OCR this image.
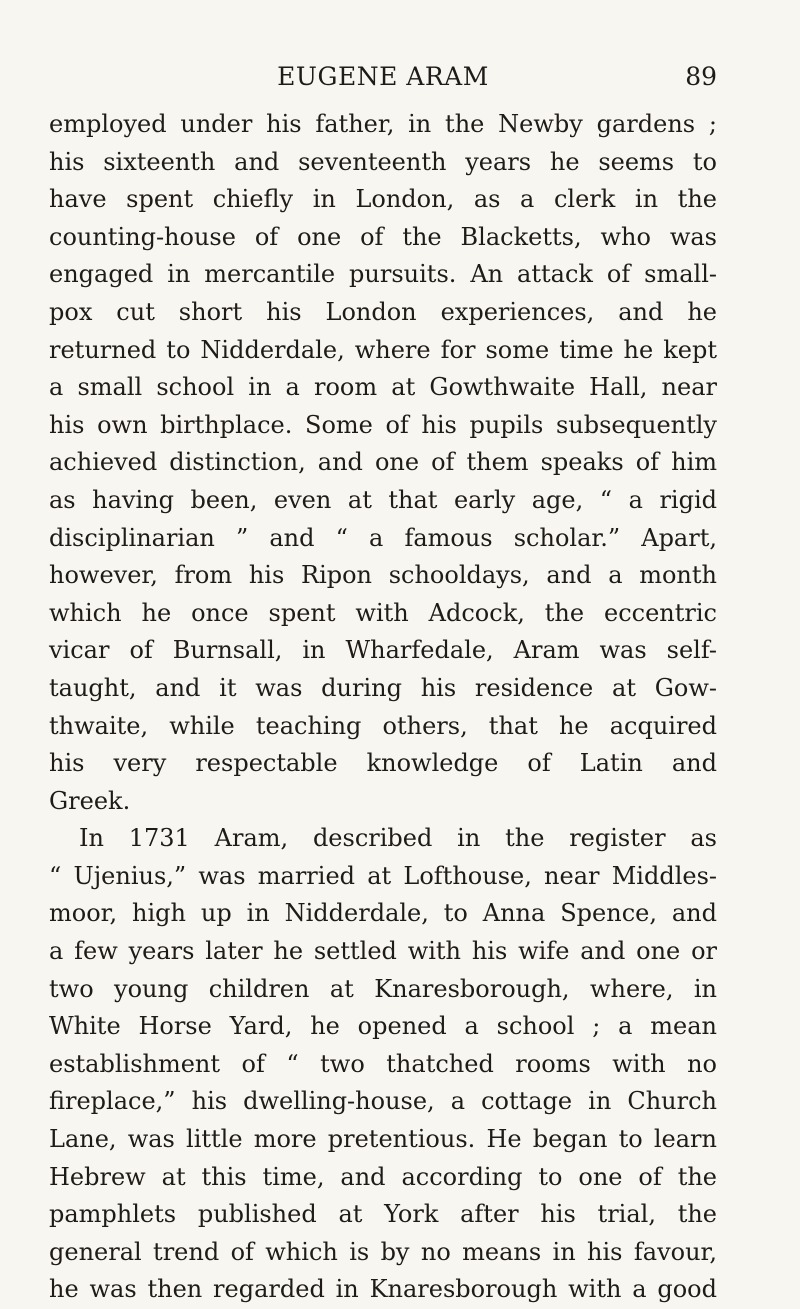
EUGENE ARAM	89
employed under his father, in the Newby gardens ;
his sixteenth and seventeenth years he seems to
have spent chiefly in London, as a clerk in the
counting-house of one of the Blacketts, who was
engaged in mercantile pursuits. An attack of small-
pox cut short his London experiences, and he
returned to Nidderdale, where for some time he kept
a small school in a room at Gowthwaite Hall, near
his own birthplace. Some of his pupils subsequently
achieved distinction, and one of them speaks of him
as having been, even at that early age, “ a rigid
disciplinarian ” and “ a famous scholar.” Apart,
however, from his Ripon schooldays, and a month
which he once spent with Adcock, the eccentric
vicar of Burnsall, in Wharfedale, Aram was self-
taught, and it was during his residence at Gow-
thwaite, while teaching others, that he acquired
his very respectable knowledge of Latin and
Greek.
In 1731 Aram, described in the register as
“ Ujenius,” was married at Lofthouse, near Middles-
moor, high up in Nidderdale, to Anna Spence, and
a few years later he settled with his wife and one or
two young children at Knaresborough, where, in
White Horse Yard, he opened a school ; a mean
establishment of “ two thatched rooms with no
fireplace,” his dwelling-house, a cottage in Church
Lane, was little more pretentious. He began to learn
Hebrew at this time, and according to one of the
pamphlets published at York after his trial, the
general trend of which is by no means in his favour,
he was then regarded in Knaresborough with a good
